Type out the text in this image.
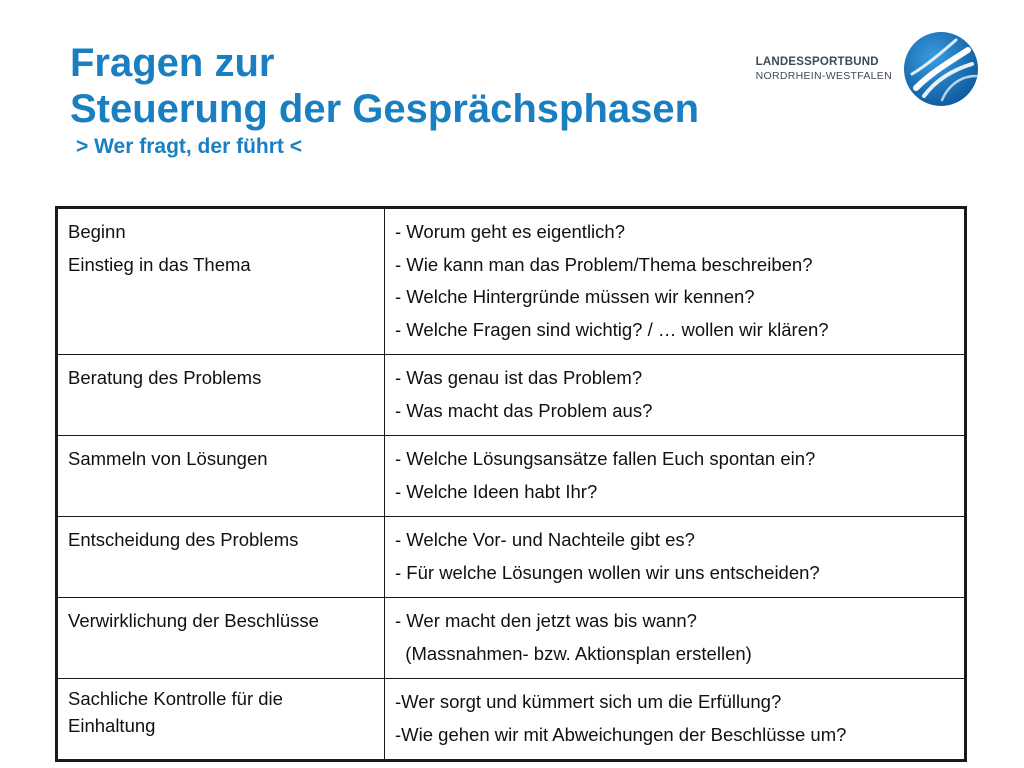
Fragen zur
Steuerung der Gesprächsphasen
> Wer fragt, der führt <
LANDESSPORTBUND
NORDRHEIN-WESTFALEN
Beginn
Einstieg in das Thema	- Worum geht es eigentlich?
- Wie kann man das Problem/Thema beschreiben?
- Welche Hintergründe müssen wir kennen?
- Welche Fragen sind wichtig? / … wollen wir klären?

Beratung des Problems	- Was genau ist das Problem?
- Was macht das Problem aus?

Sammeln von Lösungen	- Welche Lösungsansätze fallen Euch spontan ein?
- Welche Ideen habt Ihr?

Entscheidung des Problems	- Welche Vor- und Nachteile gibt es?
- Für welche Lösungen wollen wir uns entscheiden?

Verwirklichung der Beschlüsse	- Wer macht den jetzt was bis wann?
(Massnahmen- bzw. Aktionsplan erstellen)

Sachliche Kontrolle für die
Einhaltung	-Wer sorgt und kümmert sich um die Erfüllung?
-Wie gehen wir mit Abweichungen der Beschlüsse um?
